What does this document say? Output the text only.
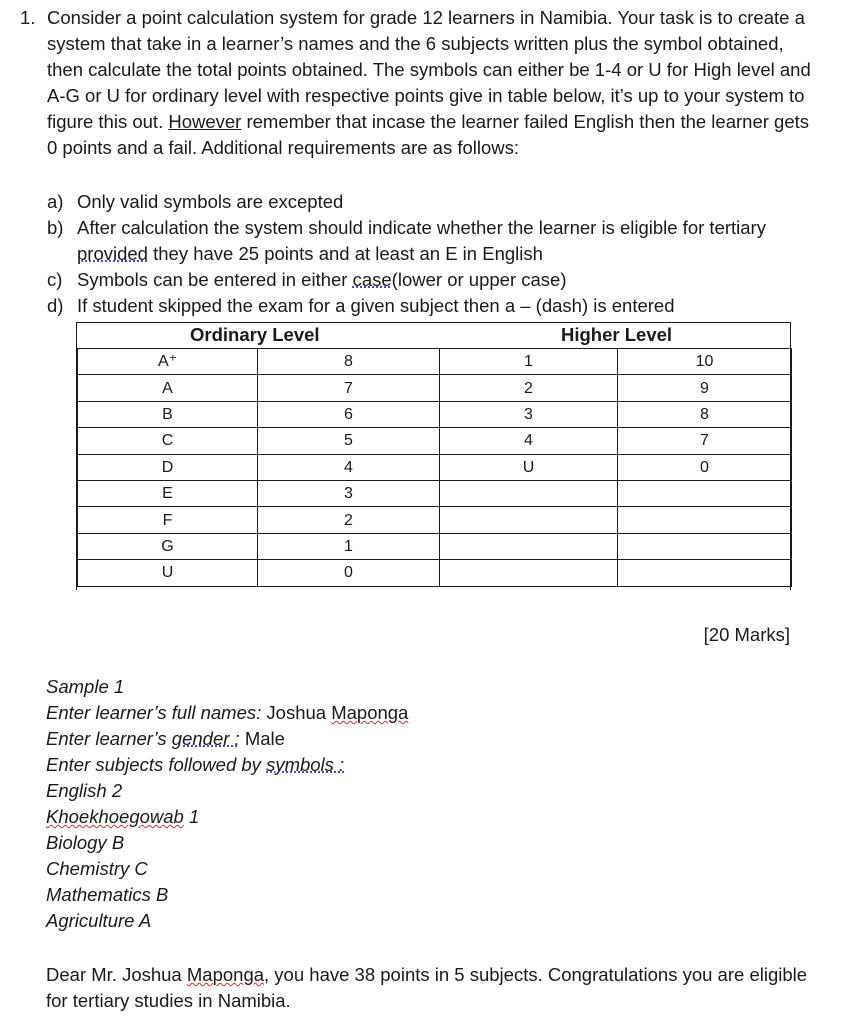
1. Consider a point calculation system for grade 12 learners in Namibia. Your task is to create a system that take in a learner’s names and the 6 subjects written plus the symbol obtained, then calculate the total points obtained. The symbols can either be 1-4 or U for High level and A-G or U for ordinary level with respective points give in table below, it’s up to your system to figure this out. However remember that incase the learner failed English then the learner gets 0 points and a fail. Additional requirements are as follows:
a) Only valid symbols are excepted
b) After calculation the system should indicate whether the learner is eligible for tertiary provided they have 25 points and at least an E in English
c) Symbols can be entered in either case(lower or upper case)
d) If student skipped the exam for a given subject then a – (dash) is entered
Ordinary Level	Higher Level
A⁺	8	1	10
A	7	2	9
B	6	3	8
C	5	4	7
D	4	U	0
E	3		
F	2		
G	1		
U	0		
[20 Marks]
Sample 1
Enter learner’s full names: Joshua Maponga
Enter learner’s gender : Male
Enter subjects followed by symbols :
English 2
Khoekhoegowab 1
Biology B
Chemistry C
Mathematics B
Agriculture A
Dear Mr. Joshua Maponga, you have 38 points in 5 subjects. Congratulations you are eligible for tertiary studies in Namibia.
